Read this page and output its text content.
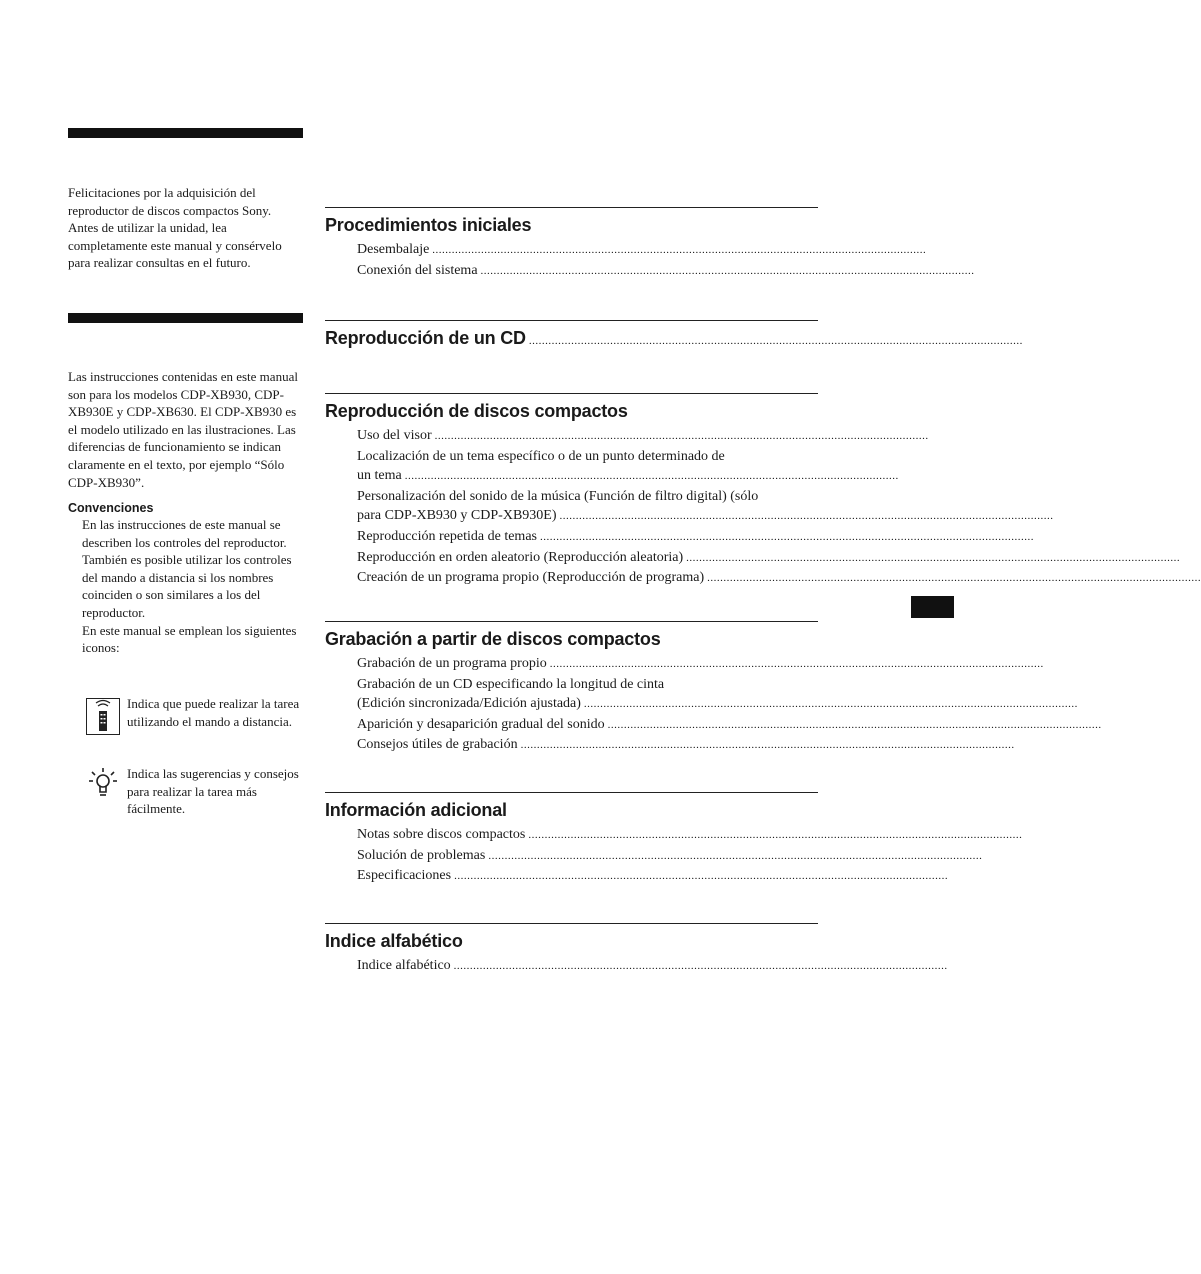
Felicitaciones por la adquisición del reproductor de discos compactos Sony. Antes de utilizar la unidad, lea completamente este manual y consérvelo para realizar consultas en el futuro.

Las instrucciones contenidas en este manual son para los modelos CDP-XB930, CDP-XB930E y CDP-XB630. El CDP-XB930 es el modelo utilizado en las ilustraciones. Las diferencias de funcionamiento se indican claramente en el texto, por ejemplo “Sólo CDP-XB930”.

Convenciones

En las instrucciones de este manual se describen los controles del reproductor.

También es posible utilizar los controles del mando a distancia si los nombres coinciden o son similares a los del reproductor.

En este manual se emplean los siguientes iconos:

Indica que puede realizar la tarea utilizando el mando a distancia.
Indica las sugerencias y consejos para realizar la tarea más fácilmente.
Procedimientos iniciales
Desembalaje ........................................................................................................................................................
Conexión del sistema ........................................................................................................................................................
Reproducción de un CD ........................................................................................................................................................
Reproducción de discos compactos
Uso del visor ........................................................................................................................................................
Localización de un tema específico o de un punto determinado de
un tema ........................................................................................................................................................
Personalización del sonido de la música (Función de filtro digital) (sólo
para CDP-XB930 y CDP-XB930E) ........................................................................................................................................................
Reproducción repetida de temas ........................................................................................................................................................
Reproducción en orden aleatorio (Reproducción aleatoria) ........................................................................................................................................................
Creación de un programa propio (Reproducción de programa) ........................................................................................................................................................
Grabación a partir de discos compactos
Grabación de un programa propio ........................................................................................................................................................
Grabación de un CD especificando la longitud de cinta
(Edición sincronizada/Edición ajustada) ........................................................................................................................................................
Aparición y desaparición gradual del sonido ........................................................................................................................................................
Consejos útiles de grabación ........................................................................................................................................................
Información adicional
Notas sobre discos compactos ........................................................................................................................................................
Solución de problemas ........................................................................................................................................................
Especificaciones ........................................................................................................................................................
Indice alfabético
Indice alfabético ........................................................................................................................................................
